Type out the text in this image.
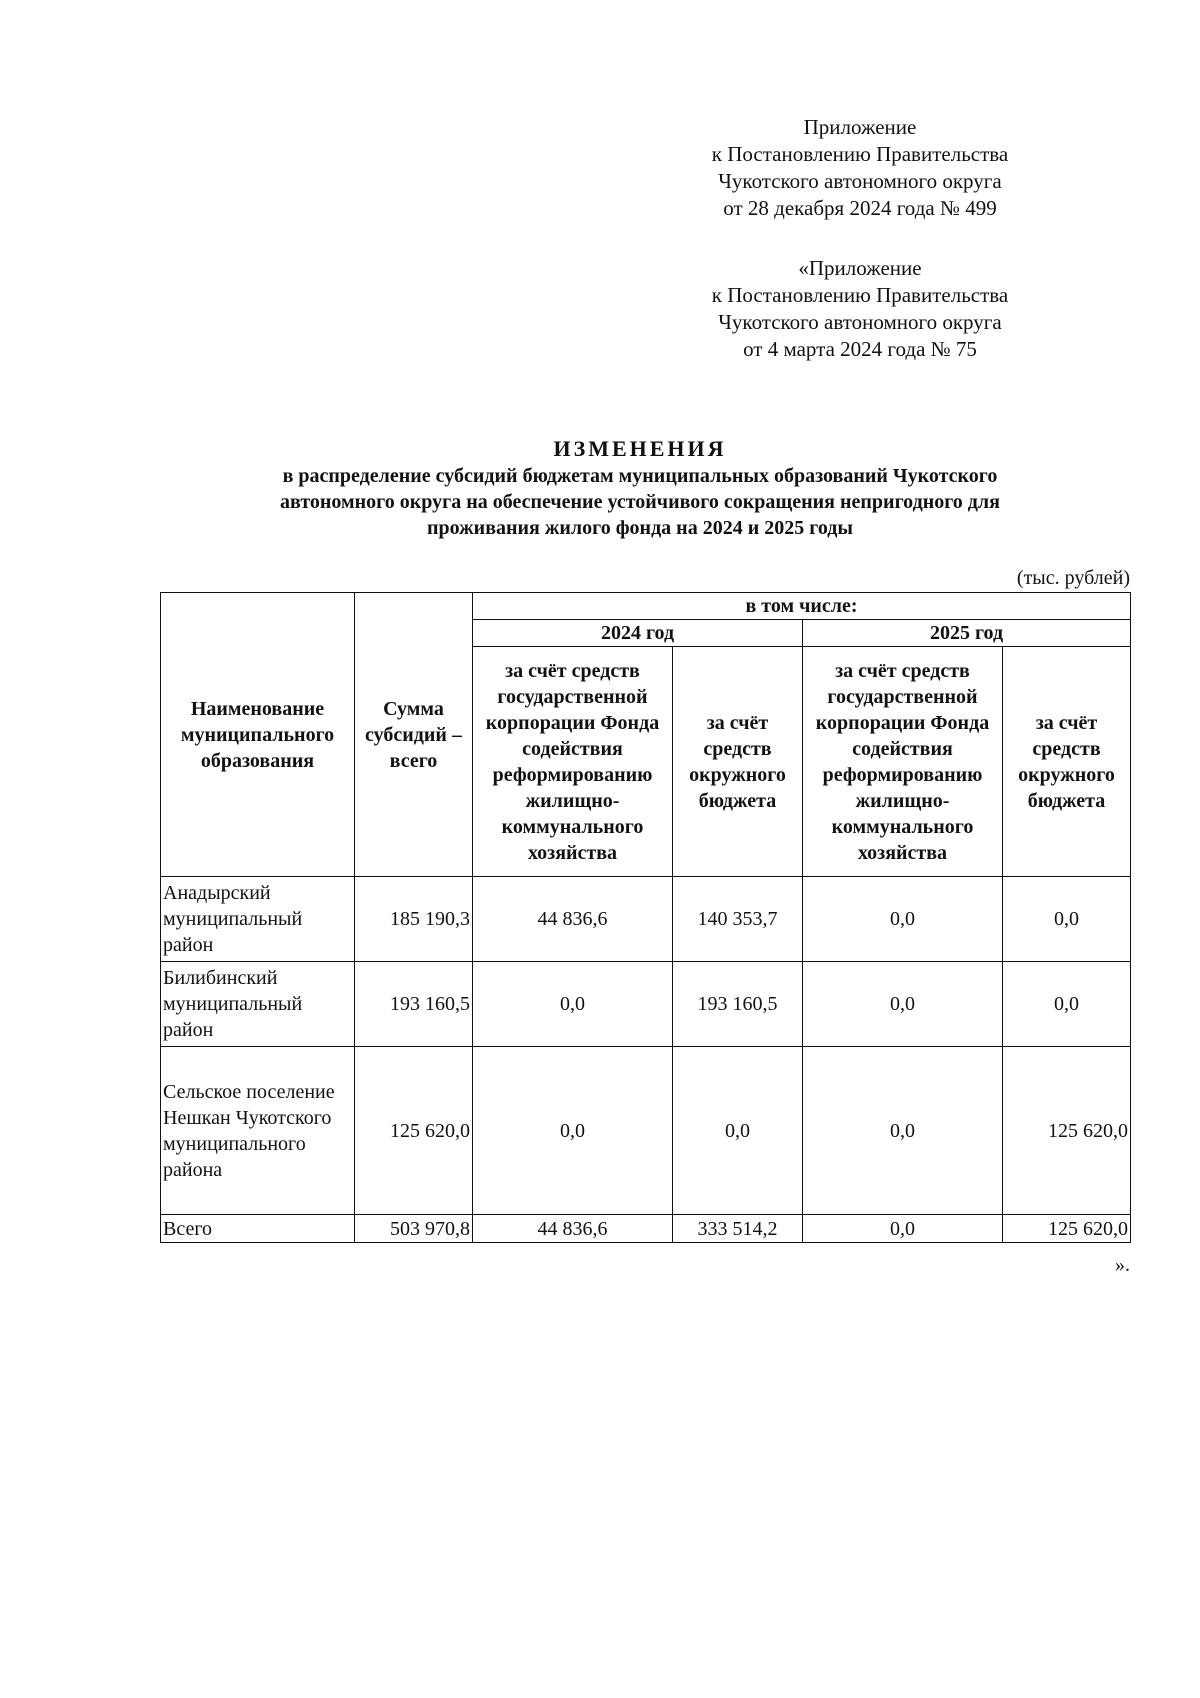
Приложение
к Постановлению Правительства
Чукотского автономного округа
от 28 декабря 2024 года № 499
«Приложение
к Постановлению Правительства
Чукотского автономного округа
от 4 марта 2024 года № 75
ИЗМЕНЕНИЯ
в распределение субсидий бюджетам муниципальных образований Чукотского
автономного округа на обеспечение устойчивого сокращения непригодного для
проживания жилого фонда на 2024 и 2025 годы
(тыс. рублей)
Наименование муниципального образования	Сумма субсидий – всего	в том числе:			
		2024 год		2025 год	
		за счёт средств государственной корпорации Фонда содействия реформированию жилищно-коммунального хозяйства	за счёт средств окружного бюджета	за счёт средств государственной корпорации Фонда содействия реформированию жилищно-коммунального хозяйства	за счёт средств окружного бюджета
Анадырский муниципальный район	185 190,3	44 836,6	140 353,7	0,0	0,0
Билибинский муниципальный район	193 160,5	0,0	193 160,5	0,0	0,0
Сельское поселение Нешкан Чукотского муниципального района	125 620,0	0,0	0,0	0,0	125 620,0
Всего	503 970,8	44 836,6	333 514,2	0,0	125 620,0
».
